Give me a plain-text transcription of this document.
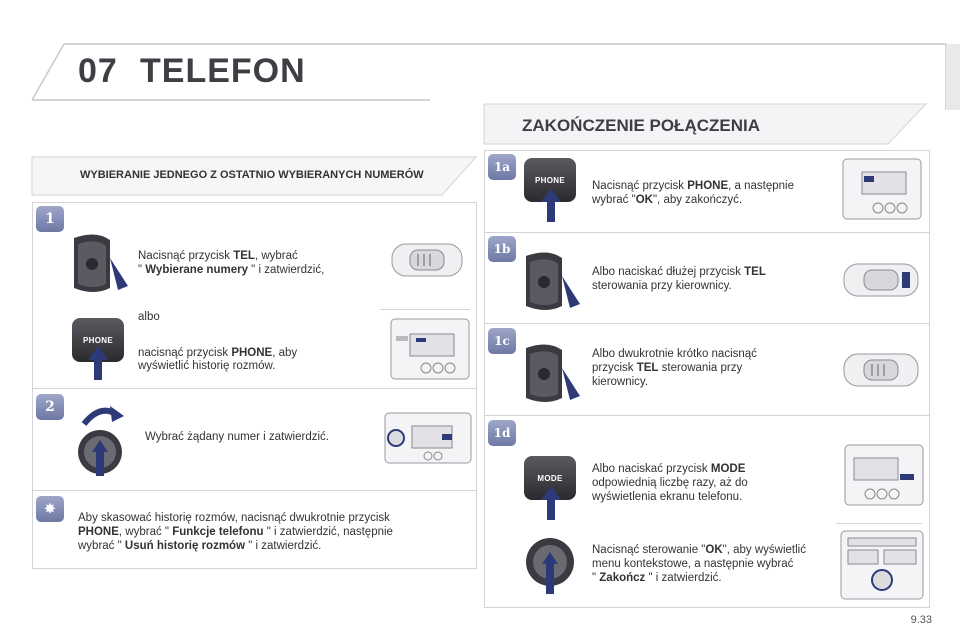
07 TELEFON
ZAKOŃCZENIE POŁĄCZENIA
WYBIERANIE JEDNEGO Z OSTATNIO WYBIERANYCH NUMERÓW
1
2
✸
Nacisnąć przycisk TEL, wybrać
" Wybierane numery " i zatwierdzić,
albo
PHONE
nacisnąć przycisk PHONE, aby
wyświetlić historię rozmów.
Wybrać żądany numer i zatwierdzić.
Aby skasować historię rozmów, nacisnąć dwukrotnie przycisk
PHONE, wybrać " Funkcje telefonu " i zatwierdzić, następnie
wybrać " Usuń historię rozmów " i zatwierdzić.
1a
1b
1c
1d
PHONE	Nacisnąć przycisk PHONE, a następnie
wybrać "OK", aby zakończyć.
Albo naciskać dłużej przycisk TEL
sterowania przy kierownicy.
Albo dwukrotnie krótko nacisnąć
przycisk TEL sterowania przy
kierownicy.
MODE
Albo naciskać przycisk MODE
odpowiednią liczbę razy, aż do
wyświetlenia ekranu telefonu.
Nacisnąć sterowanie "OK", aby wyświetlić
menu kontekstowe, a następnie wybrać
" Zakończ " i zatwierdzić.
9.33
